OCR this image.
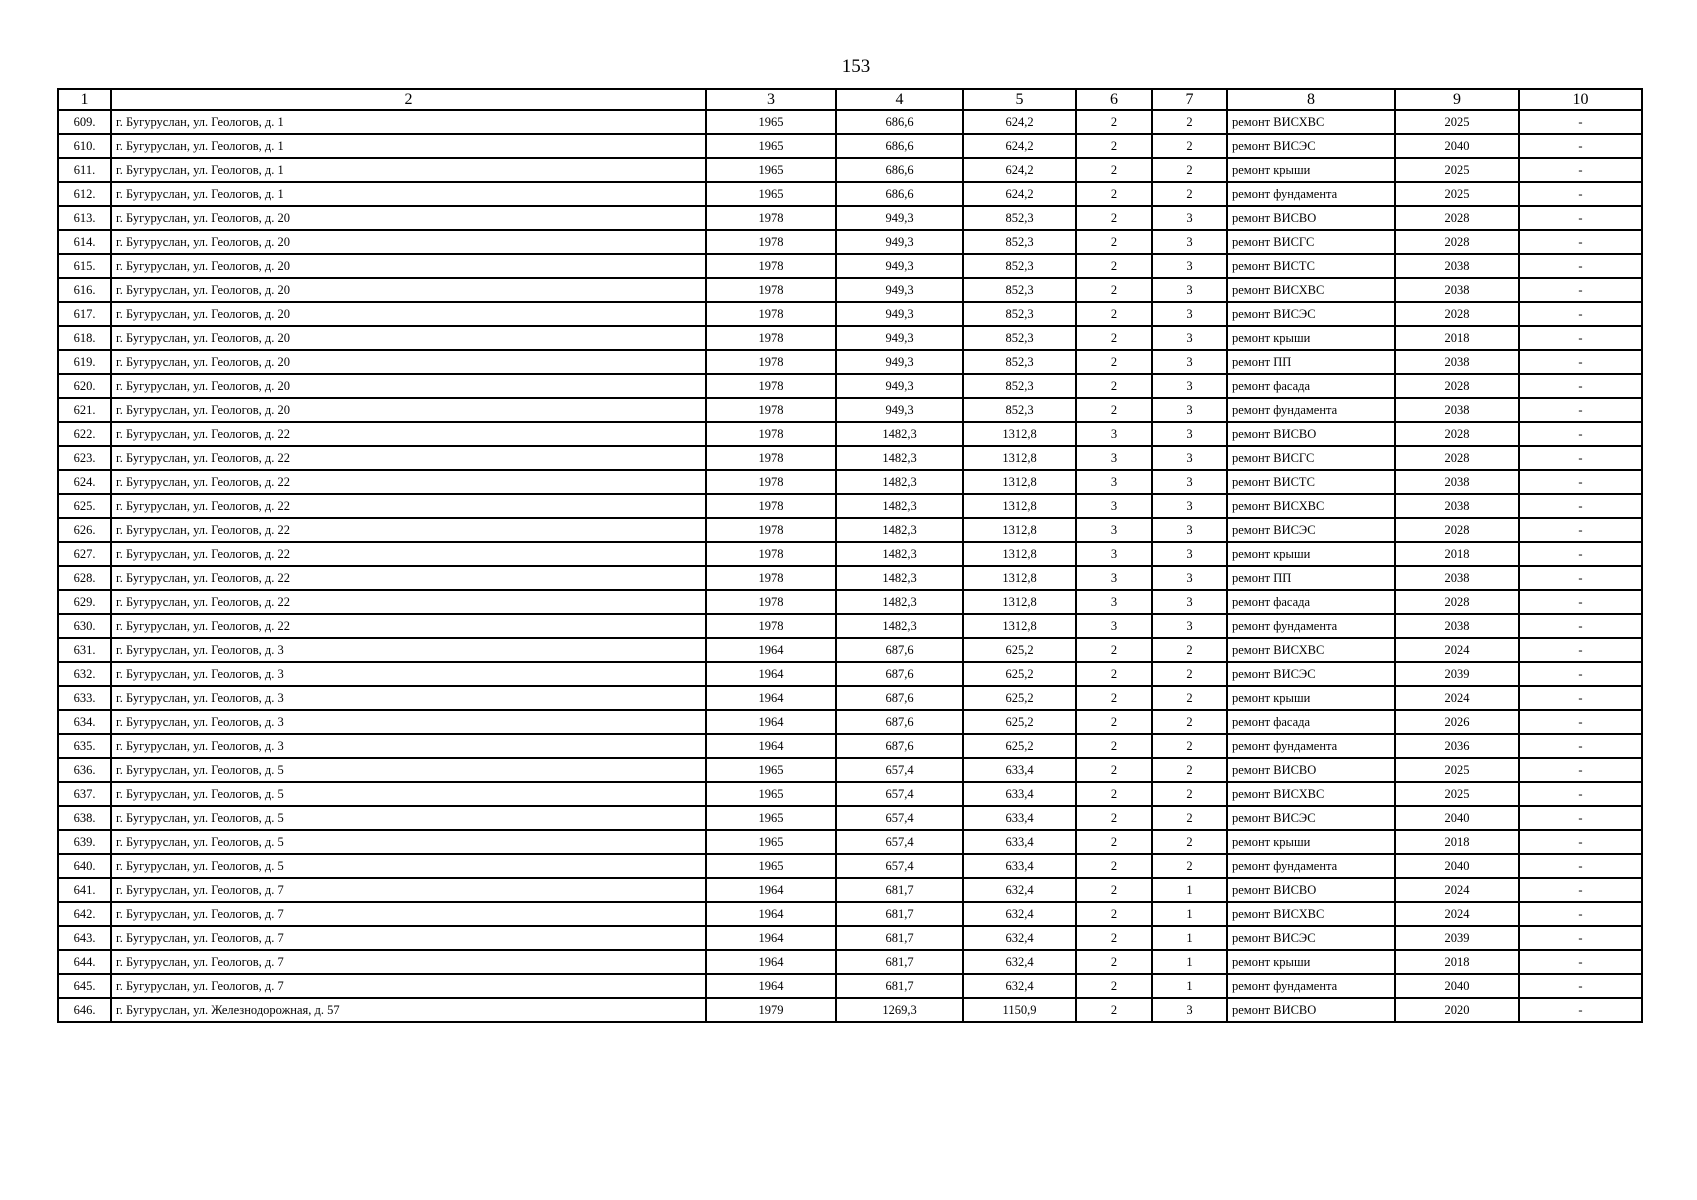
153
1	2	3	4	5	6	7	8	9	10
609.	г. Бугуруслан, ул. Геологов, д. 1	1965	686,6	624,2	2	2	ремонт ВИСХВС	2025	-
610.	г. Бугуруслан, ул. Геологов, д. 1	1965	686,6	624,2	2	2	ремонт ВИСЭС	2040	-
611.	г. Бугуруслан, ул. Геологов, д. 1	1965	686,6	624,2	2	2	ремонт крыши	2025	-
612.	г. Бугуруслан, ул. Геологов, д. 1	1965	686,6	624,2	2	2	ремонт фундамента	2025	-
613.	г. Бугуруслан, ул. Геологов, д. 20	1978	949,3	852,3	2	3	ремонт ВИСВО	2028	-
614.	г. Бугуруслан, ул. Геологов, д. 20	1978	949,3	852,3	2	3	ремонт ВИСГС	2028	-
615.	г. Бугуруслан, ул. Геологов, д. 20	1978	949,3	852,3	2	3	ремонт ВИСТС	2038	-
616.	г. Бугуруслан, ул. Геологов, д. 20	1978	949,3	852,3	2	3	ремонт ВИСХВС	2038	-
617.	г. Бугуруслан, ул. Геологов, д. 20	1978	949,3	852,3	2	3	ремонт ВИСЭС	2028	-
618.	г. Бугуруслан, ул. Геологов, д. 20	1978	949,3	852,3	2	3	ремонт крыши	2018	-
619.	г. Бугуруслан, ул. Геологов, д. 20	1978	949,3	852,3	2	3	ремонт ПП	2038	-
620.	г. Бугуруслан, ул. Геологов, д. 20	1978	949,3	852,3	2	3	ремонт фасада	2028	-
621.	г. Бугуруслан, ул. Геологов, д. 20	1978	949,3	852,3	2	3	ремонт фундамента	2038	-
622.	г. Бугуруслан, ул. Геологов, д. 22	1978	1482,3	1312,8	3	3	ремонт ВИСВО	2028	-
623.	г. Бугуруслан, ул. Геологов, д. 22	1978	1482,3	1312,8	3	3	ремонт ВИСГС	2028	-
624.	г. Бугуруслан, ул. Геологов, д. 22	1978	1482,3	1312,8	3	3	ремонт ВИСТС	2038	-
625.	г. Бугуруслан, ул. Геологов, д. 22	1978	1482,3	1312,8	3	3	ремонт ВИСХВС	2038	-
626.	г. Бугуруслан, ул. Геологов, д. 22	1978	1482,3	1312,8	3	3	ремонт ВИСЭС	2028	-
627.	г. Бугуруслан, ул. Геологов, д. 22	1978	1482,3	1312,8	3	3	ремонт крыши	2018	-
628.	г. Бугуруслан, ул. Геологов, д. 22	1978	1482,3	1312,8	3	3	ремонт ПП	2038	-
629.	г. Бугуруслан, ул. Геологов, д. 22	1978	1482,3	1312,8	3	3	ремонт фасада	2028	-
630.	г. Бугуруслан, ул. Геологов, д. 22	1978	1482,3	1312,8	3	3	ремонт фундамента	2038	-
631.	г. Бугуруслан, ул. Геологов, д. 3	1964	687,6	625,2	2	2	ремонт ВИСХВС	2024	-
632.	г. Бугуруслан, ул. Геологов, д. 3	1964	687,6	625,2	2	2	ремонт ВИСЭС	2039	-
633.	г. Бугуруслан, ул. Геологов, д. 3	1964	687,6	625,2	2	2	ремонт крыши	2024	-
634.	г. Бугуруслан, ул. Геологов, д. 3	1964	687,6	625,2	2	2	ремонт фасада	2026	-
635.	г. Бугуруслан, ул. Геологов, д. 3	1964	687,6	625,2	2	2	ремонт фундамента	2036	-
636.	г. Бугуруслан, ул. Геологов, д. 5	1965	657,4	633,4	2	2	ремонт ВИСВО	2025	-
637.	г. Бугуруслан, ул. Геологов, д. 5	1965	657,4	633,4	2	2	ремонт ВИСХВС	2025	-
638.	г. Бугуруслан, ул. Геологов, д. 5	1965	657,4	633,4	2	2	ремонт ВИСЭС	2040	-
639.	г. Бугуруслан, ул. Геологов, д. 5	1965	657,4	633,4	2	2	ремонт крыши	2018	-
640.	г. Бугуруслан, ул. Геологов, д. 5	1965	657,4	633,4	2	2	ремонт фундамента	2040	-
641.	г. Бугуруслан, ул. Геологов, д. 7	1964	681,7	632,4	2	1	ремонт ВИСВО	2024	-
642.	г. Бугуруслан, ул. Геологов, д. 7	1964	681,7	632,4	2	1	ремонт ВИСХВС	2024	-
643.	г. Бугуруслан, ул. Геологов, д. 7	1964	681,7	632,4	2	1	ремонт ВИСЭС	2039	-
644.	г. Бугуруслан, ул. Геологов, д. 7	1964	681,7	632,4	2	1	ремонт крыши	2018	-
645.	г. Бугуруслан, ул. Геологов, д. 7	1964	681,7	632,4	2	1	ремонт фундамента	2040	-
646.	г. Бугуруслан, ул. Железнодорожная, д. 57	1979	1269,3	1150,9	2	3	ремонт ВИСВО	2020	-
